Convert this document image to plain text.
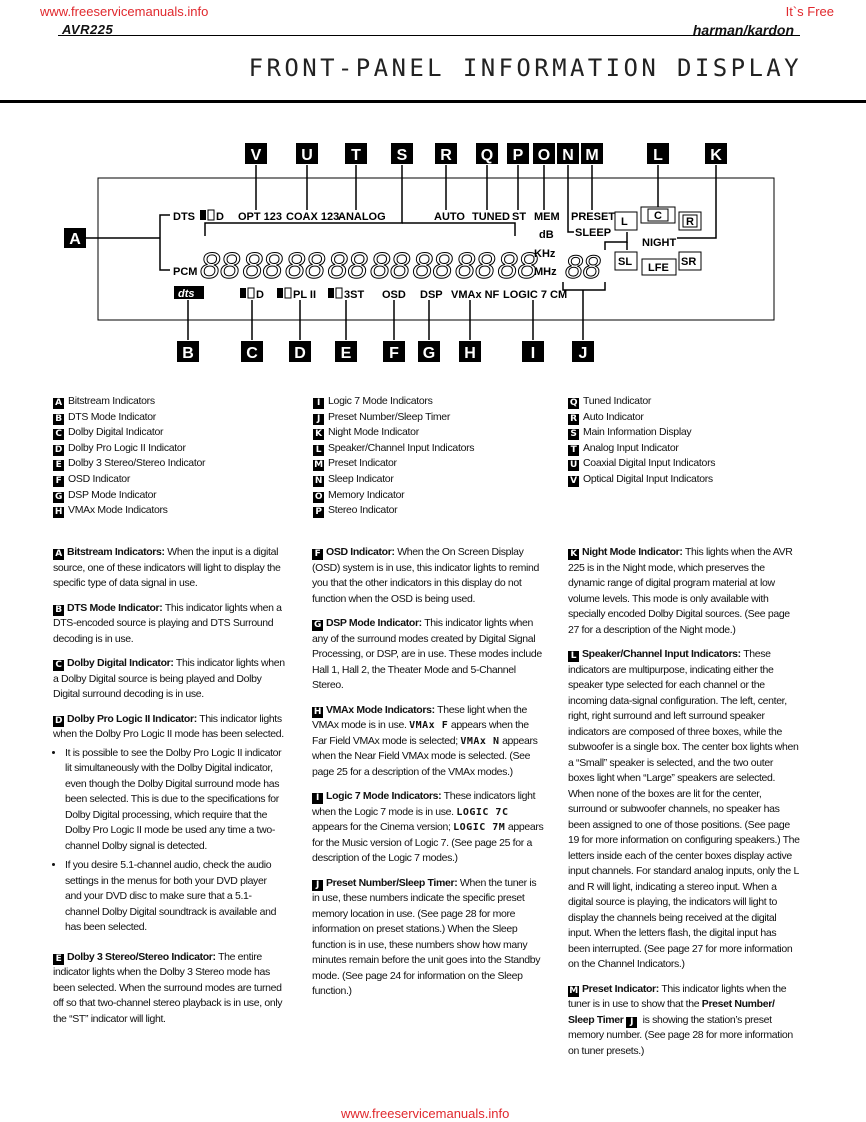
www.freeservicemanuals.info	It`s Free
AVR225	harman/kardon
FRONT-PANEL INFORMATION DISPLAY
V U T S R Q P O N M	L	K
B	C D E F G H	I	J
A
DTS D OPT 123 COAX 123
ANALOG	AUTO TUNED ST MEM PRESET
SLEEP
dB
KHz
MHz
PCM 88 88 88 88 88 88 88 88 88
dts	D	PL II	3ST OSD DSP VMAx NF LOGIC 7 CM
L C R
NIGHT
SL LFE SR
A Bitstream Indicators
B DTS Mode Indicator
C Dolby Digital Indicator
D Dolby Pro Logic II Indicator
E Dolby 3 Stereo/Stereo Indicator
F OSD Indicator
G DSP Mode Indicator
H VMAx Mode Indicators
I Logic 7 Mode Indicators
J Preset Number/Sleep Timer
K Night Mode Indicator
L Speaker/Channel Input Indicators
M Preset Indicator
N Sleep Indicator
O Memory Indicator
P Stereo Indicator
Q Tuned Indicator
R Auto Indicator
S Main Information Display
T Analog Input Indicator
U Coaxial Digital Input Indicators
V Optical Digital Input Indicators

A Bitstream Indicators: When the input is a digital source, one of these indicators will light to display the specific type of data signal in use.

B DTS Mode Indicator: This indicator lights when a DTS-encoded source is playing and DTS Surround decoding is in use.

C Dolby Digital Indicator: This indicator lights when a Dolby Digital source is being played and Dolby Digital surround decoding is in use.

D Dolby Pro Logic II Indicator: This indicator lights when the Dolby Pro Logic II mode has been selected.

• It is possible to see the Dolby Pro Logic II indicator lit simultaneously with the Dolby Digital indicator, even though the Dolby Digital surround mode has been selected. This is due to the specifications for Dolby Digital processing, which require that the Dolby Pro Logic II mode be used any time a two-channel Dolby signal is detected.
• If you desire 5.1-channel audio, check the audio settings in the menus for both your DVD player and your DVD disc to make sure that a 5.1-channel Dolby Digital soundtrack is available and has been selected.

E Dolby 3 Stereo/Stereo Indicator: The entire indicator lights when the Dolby 3 Stereo mode has been selected. When the surround modes are turned off so that two-channel stereo playback is in use, only the “ST” indicator will light.

F OSD Indicator: When the On Screen Display (OSD) system is in use, this indicator lights to remind you that the other indicators in this display do not function when the OSD is being used.

G DSP Mode Indicator: This indicator lights when any of the surround modes created by Digital Signal Processing, or DSP, are in use. These modes include Hall 1, Hall 2, the Theater Mode and 5-Channel Stereo.

H VMAx Mode Indicators: These light when the VMAx mode is in use. VMAx F appears when the Far Field VMAx mode is selected; VMAx N appears when the Near Field VMAx mode is selected. (See page 25 for a description of the VMAx modes.)

I Logic 7 Mode Indicators: These indicators light when the Logic 7 mode is in use. LOGIC 7C appears for the Cinema version; LOGIC 7M appears for the Music version of Logic 7. (See page 25 for a description of the Logic 7 modes.)

J Preset Number/Sleep Timer: When the tuner is in use, these numbers indicate the specific preset memory location in use. (See page 28 for more information on preset stations.) When the Sleep function is in use, these numbers show how many minutes remain before the unit goes into the Standby mode. (See page 24 for information on the Sleep function.)

K Night Mode Indicator: This lights when the AVR 225 is in the Night mode, which preserves the dynamic range of digital program material at low volume levels. This mode is only available with specially encoded Dolby Digital sources. (See page 27 for a description of the Night mode.)

L Speaker/Channel Input Indicators: These indicators are multipurpose, indicating either the speaker type selected for each channel or the incoming data-signal configuration. The left, center, right, right surround and left surround speaker indicators are composed of three boxes, while the subwoofer is a single box. The center box lights when a “Small” speaker is selected, and the two outer boxes light when “Large” speakers are selected. When none of the boxes are lit for the center, surround or subwoofer channels, no speaker has been assigned to one of those positions. (See page 19 for more information on configuring speakers.) The letters inside each of the center boxes display active input channels. For standard analog inputs, only the L and R will light, indicating a stereo input. When a digital source is playing, the indicators will light to display the channels being received at the digital input. When the letters flash, the digital input has been interrupted. (See page 27 for more information on the Channel Indicators.)

M Preset Indicator: This indicator lights when the tuner is in use to show that the Preset Number/ Sleep Timer J is showing the station’s preset memory number. (See page 28 for more information on tuner presets.)

www.freeservicemanuals.info
